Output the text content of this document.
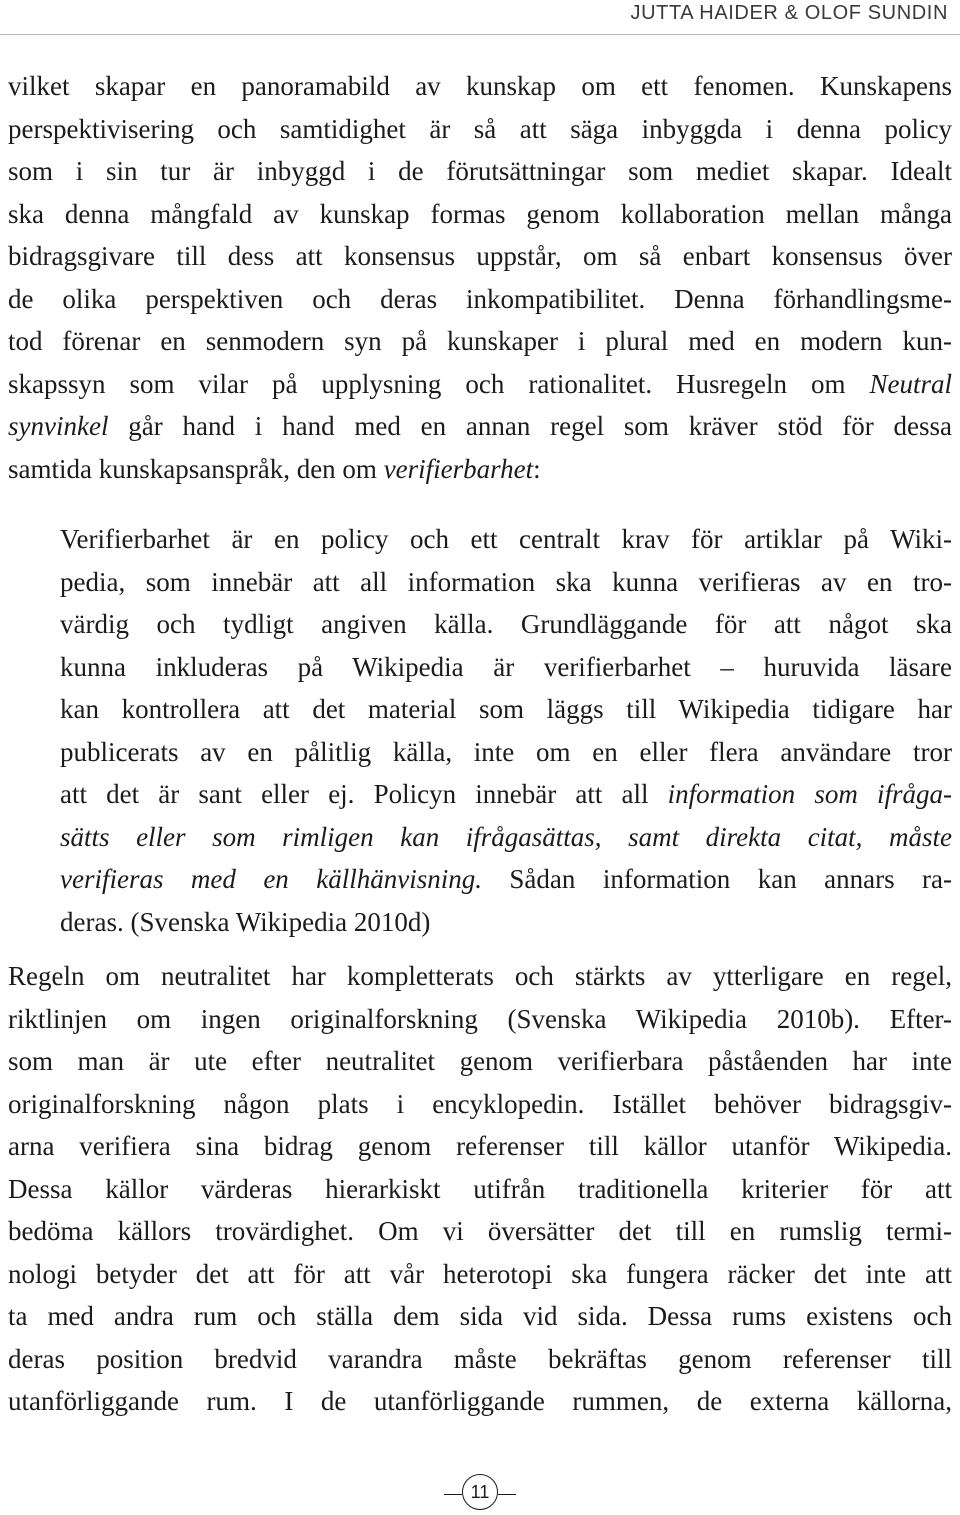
JUTTA HAIDER & OLOF SUNDIN
vilket skapar en panoramabild av kunskap om ett fenomen. Kunskapens
perspektivisering och samtidighet är så att säga inbyggda i denna policy
som i sin tur är inbyggd i de förutsättningar som mediet skapar. Idealt
ska denna mångfald av kunskap formas genom kollaboration mellan många
bidragsgivare till dess att konsensus uppstår, om så enbart konsensus över
de olika perspektiven och deras inkompatibilitet. Denna förhandlingsme-
tod förenar en senmodern syn på kunskaper i plural med en modern kun-
skapssyn som vilar på upplysning och rationalitet. Husregeln om Neutral
synvinkel går hand i hand med en annan regel som kräver stöd för dessa
samtida kunskapsanspråk, den om verifierbarhet:
Verifierbarhet är en policy och ett centralt krav för artiklar på Wiki-
pedia, som innebär att all information ska kunna verifieras av en tro-
värdig och tydligt angiven källa. Grundläggande för att något ska
kunna inkluderas på Wikipedia är verifierbarhet – huruvida läsare
kan kontrollera att det material som läggs till Wikipedia tidigare har
publicerats av en pålitlig källa, inte om en eller flera användare tror
att det är sant eller ej. Policyn innebär att all information som ifråga-
sätts eller som rimligen kan ifrågasättas, samt direkta citat, måste
verifieras med en källhänvisning. Sådan information kan annars ra-
deras. (Svenska Wikipedia 2010d)
Regeln om neutralitet har kompletterats och stärkts av ytterligare en regel,
riktlinjen om ingen originalforskning (Svenska Wikipedia 2010b). Efter-
som man är ute efter neutralitet genom verifierbara påståenden har inte
originalforskning någon plats i encyklopedin. Istället behöver bidragsgiv-
arna verifiera sina bidrag genom referenser till källor utanför Wikipedia.
Dessa källor värderas hierarkiskt utifrån traditionella kriterier för att
bedöma källors trovärdighet. Om vi översätter det till en rumslig termi-
nologi betyder det att för att vår heterotopi ska fungera räcker det inte att
ta med andra rum och ställa dem sida vid sida. Dessa rums existens och
deras position bredvid varandra måste bekräftas genom referenser till
utanförliggande rum. I de utanförliggande rummen, de externa källorna,
11
